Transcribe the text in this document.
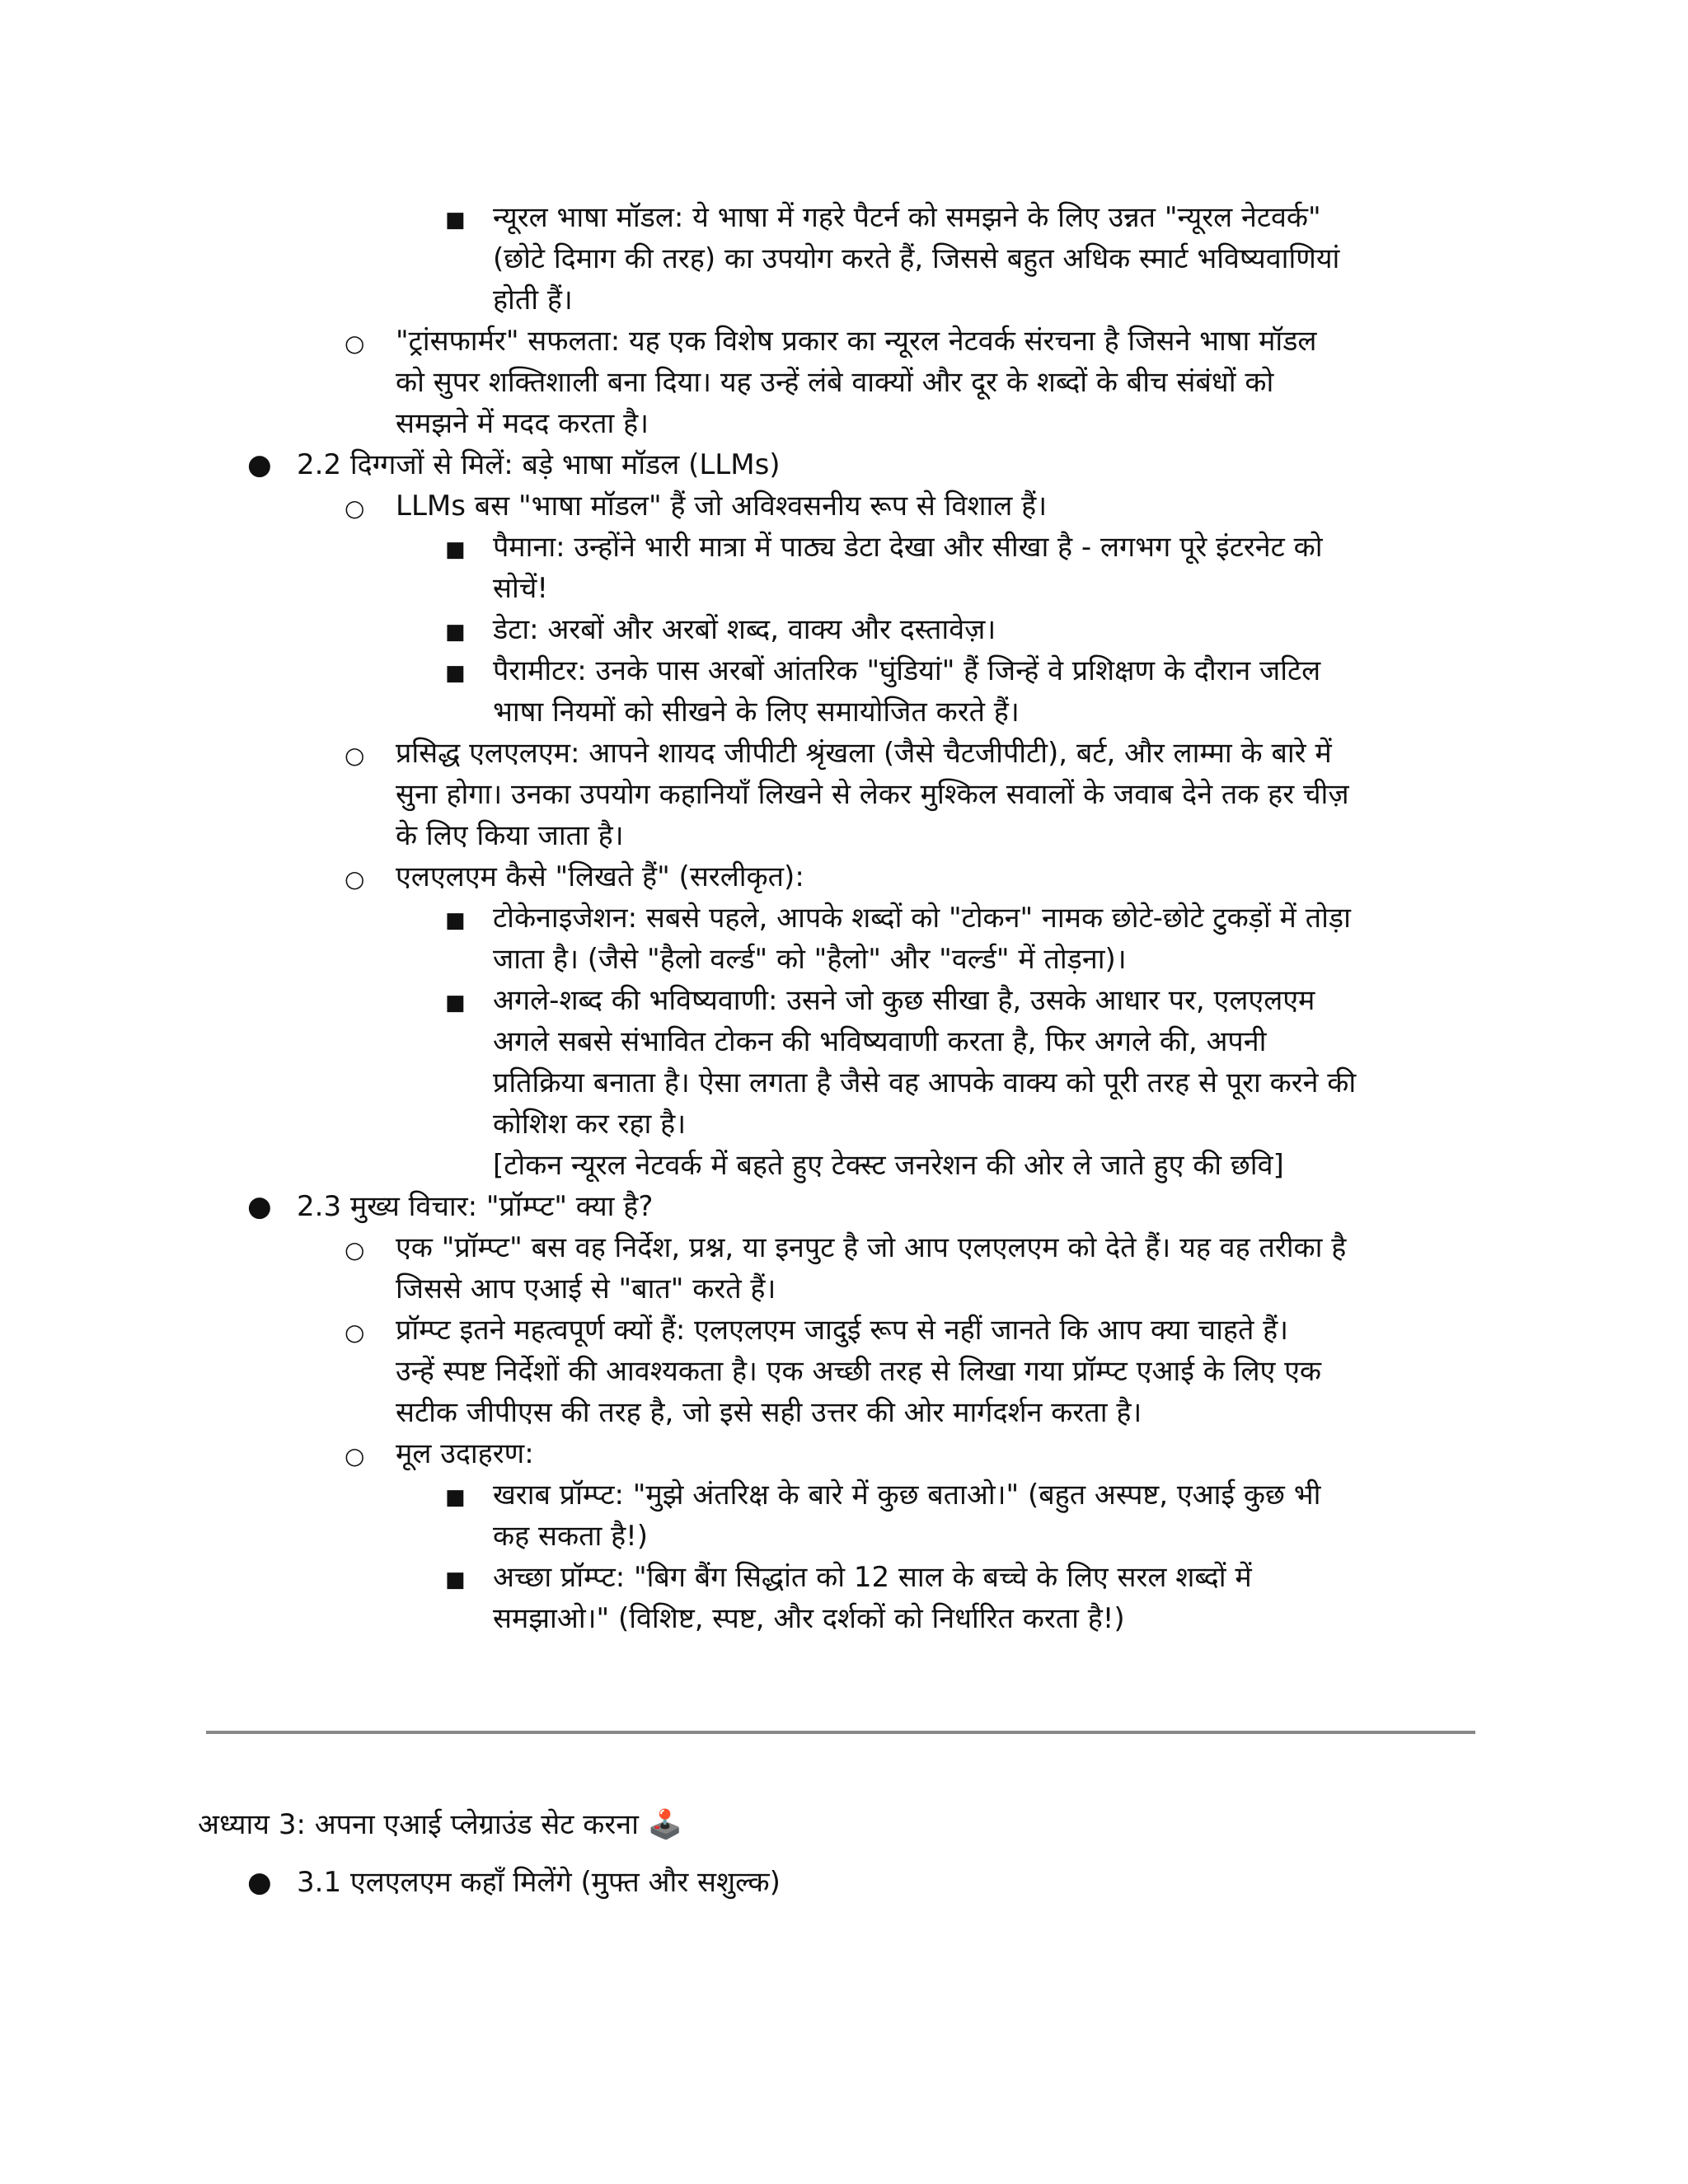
■ न्यूरल भाषा मॉडल: ये भाषा में गहरे पैटर्न को समझने के लिए उन्नत "न्यूरल नेटवर्क"
(छोटे दिमाग की तरह) का उपयोग करते हैं, जिससे बहुत अधिक स्मार्ट भविष्यवाणियां
होती हैं।
○ "ट्रांसफार्मर" सफलता: यह एक विशेष प्रकार का न्यूरल नेटवर्क संरचना है जिसने भाषा मॉडल
को सुपर शक्तिशाली बना दिया। यह उन्हें लंबे वाक्यों और दूर के शब्दों के बीच संबंधों को
समझने में मदद करता है।
● 2.2 दिग्गजों से मिलें: बड़े भाषा मॉडल (LLMs)
○ LLMs बस "भाषा मॉडल" हैं जो अविश्वसनीय रूप से विशाल हैं।
■ पैमाना: उन्होंने भारी मात्रा में पाठ्य डेटा देखा और सीखा है - लगभग पूरे इंटरनेट को
सोचें!
■ डेटा: अरबों और अरबों शब्द, वाक्य और दस्तावेज़।
■ पैरामीटर: उनके पास अरबों आंतरिक "घुंडियां" हैं जिन्हें वे प्रशिक्षण के दौरान जटिल
भाषा नियमों को सीखने के लिए समायोजित करते हैं।
○ प्रसिद्ध एलएलएम: आपने शायद जीपीटी श्रृंखला (जैसे चैटजीपीटी), बर्ट, और लाम्मा के बारे में
सुना होगा। उनका उपयोग कहानियाँ लिखने से लेकर मुश्किल सवालों के जवाब देने तक हर चीज़
के लिए किया जाता है।
○ एलएलएम कैसे "लिखते हैं" (सरलीकृत):
■ टोकेनाइजेशन: सबसे पहले, आपके शब्दों को "टोकन" नामक छोटे-छोटे टुकड़ों में तोड़ा
जाता है। (जैसे "हैलो वर्ल्ड" को "हैलो" और "वर्ल्ड" में तोड़ना)।
■ अगले-शब्द की भविष्यवाणी: उसने जो कुछ सीखा है, उसके आधार पर, एलएलएम
अगले सबसे संभावित टोकन की भविष्यवाणी करता है, फिर अगले की, अपनी
प्रतिक्रिया बनाता है। ऐसा लगता है जैसे वह आपके वाक्य को पूरी तरह से पूरा करने की
कोशिश कर रहा है।
[टोकन न्यूरल नेटवर्क में बहते हुए टेक्स्ट जनरेशन की ओर ले जाते हुए की छवि]
● 2.3 मुख्य विचार: "प्रॉम्प्ट" क्या है?
○ एक "प्रॉम्प्ट" बस वह निर्देश, प्रश्न, या इनपुट है जो आप एलएलएम को देते हैं। यह वह तरीका है
जिससे आप एआई से "बात" करते हैं।
○ प्रॉम्प्ट इतने महत्वपूर्ण क्यों हैं: एलएलएम जादुई रूप से नहीं जानते कि आप क्या चाहते हैं।
उन्हें स्पष्ट निर्देशों की आवश्यकता है। एक अच्छी तरह से लिखा गया प्रॉम्प्ट एआई के लिए एक
सटीक जीपीएस की तरह है, जो इसे सही उत्तर की ओर मार्गदर्शन करता है।
○ मूल उदाहरण:
■ खराब प्रॉम्प्ट: "मुझे अंतरिक्ष के बारे में कुछ बताओ।" (बहुत अस्पष्ट, एआई कुछ भी
कह सकता है!)
■ अच्छा प्रॉम्प्ट: "बिग बैंग सिद्धांत को 12 साल के बच्चे के लिए सरल शब्दों में
समझाओ।" (विशिष्ट, स्पष्ट, और दर्शकों को निर्धारित करता है!)
अध्याय 3: अपना एआई प्लेग्राउंड सेट करना 🕹️
● 3.1 एलएलएम कहाँ मिलेंगे (मुफ्त और सशुल्क)
